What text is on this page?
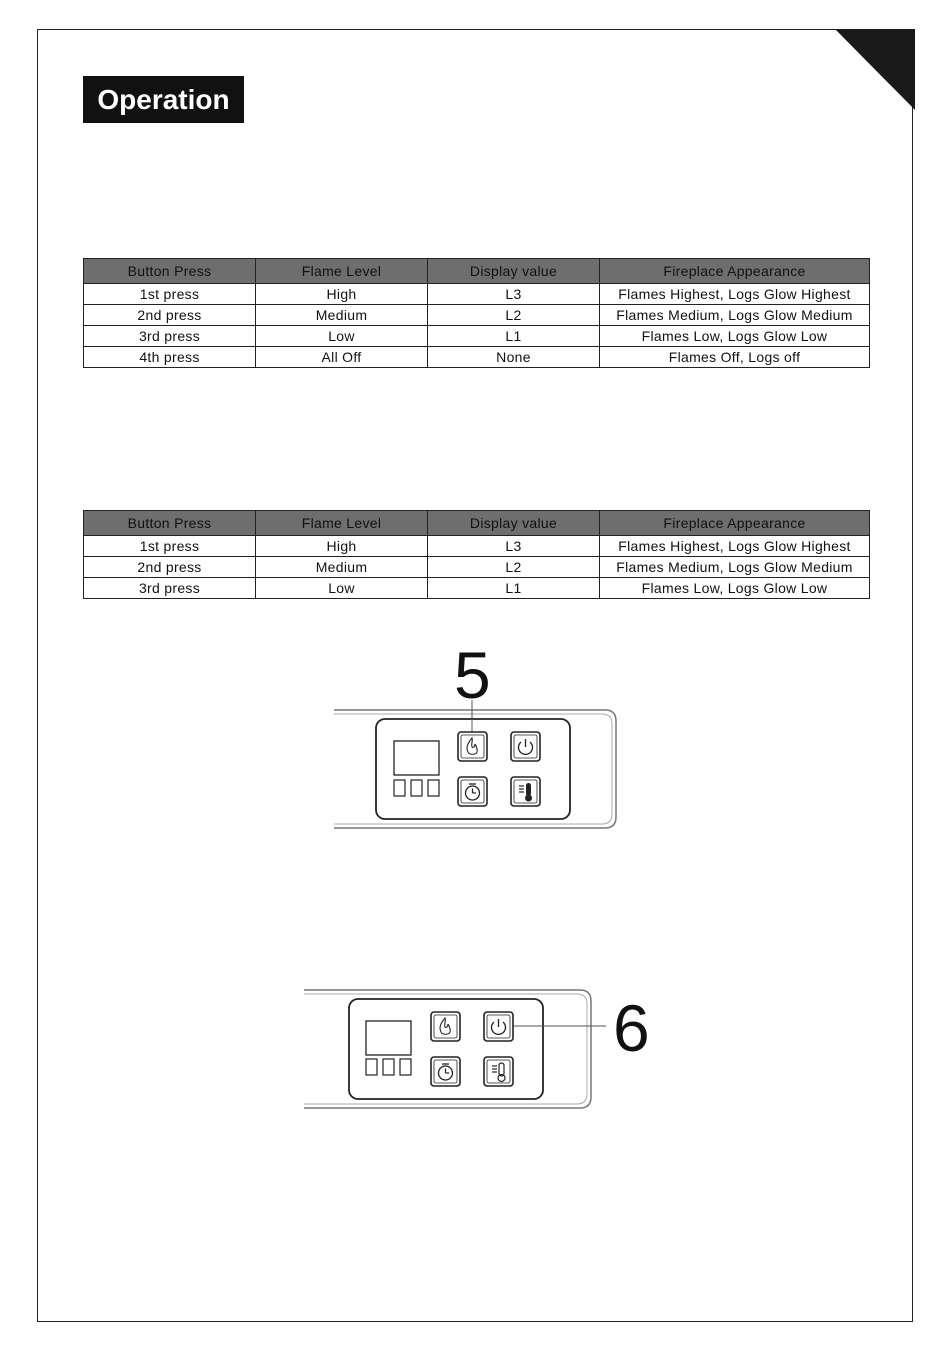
Operation
Button Press	Flame Level	Display value	Fireplace Appearance
1st press	High	L3	Flames Highest, Logs Glow Highest
2nd press	Medium	L2	Flames Medium, Logs Glow Medium
3rd press	Low	L1	Flames Low, Logs Glow Low
4th press	All Off	None	Flames Off, Logs off
Button Press	Flame Level	Display value	Fireplace Appearance
1st press	High	L3	Flames Highest, Logs Glow Highest
2nd press	Medium	L2	Flames Medium, Logs Glow Medium
3rd press	Low	L1	Flames Low, Logs Glow Low
5
6
